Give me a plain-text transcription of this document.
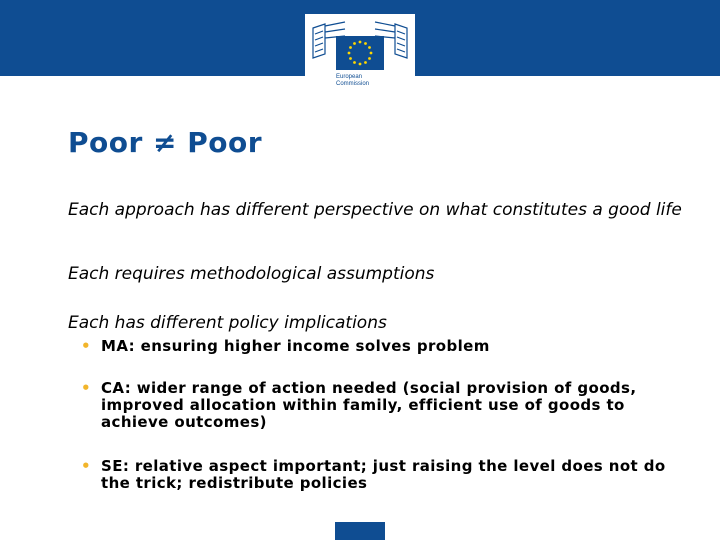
European
Commission
Poor ≠ Poor

Each approach has different perspective on what constitutes a good life

Each requires methodological assumptions

Each has different policy implications

• MA: ensuring higher income solves problem
• CA: wider range of action needed (social provision of goods, improved allocation within family, efficient use of goods to achieve outcomes)
• SE: relative aspect important; just raising the level does not do the trick; redistribute policies
